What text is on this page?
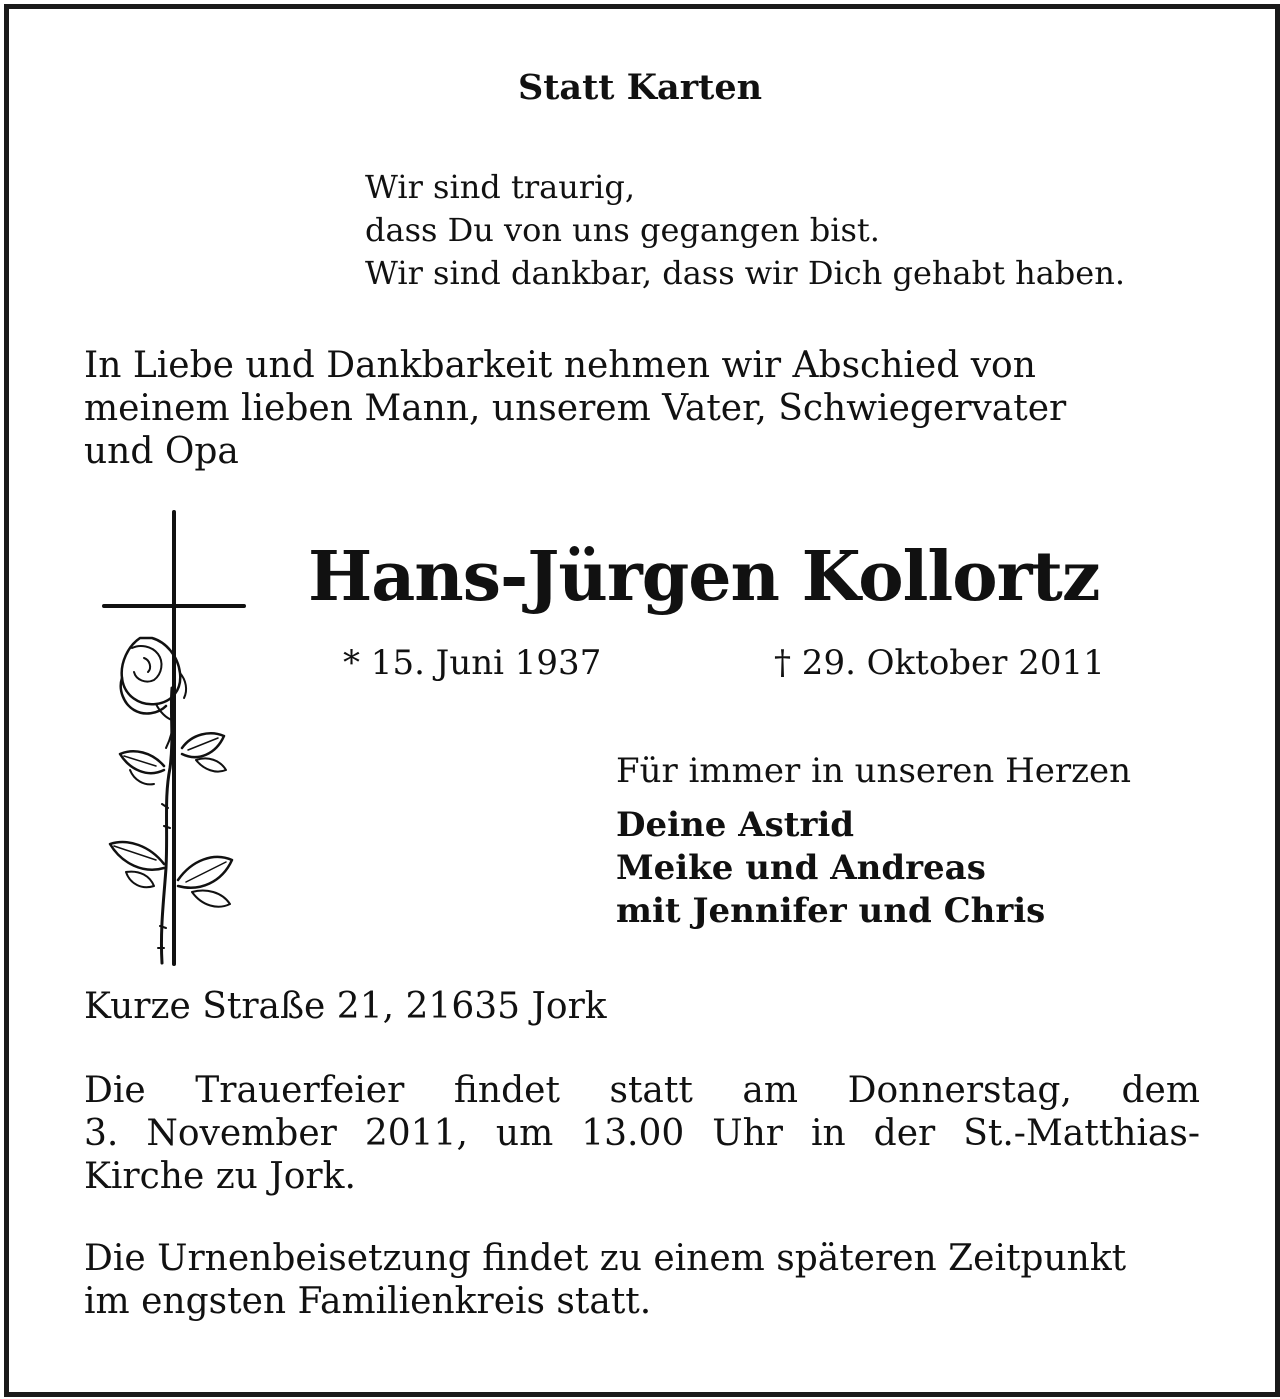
Statt Karten
Wir sind traurig,
dass Du von uns gegangen bist.
Wir sind dankbar, dass wir Dich gehabt haben.
In Liebe und Dankbarkeit nehmen wir Abschied von
meinem lieben Mann, unserem Vater, Schwiegervater
und Opa
Hans-Jürgen Kollortz
* 15. Juni 1937	† 29. Oktober 2011
Für immer in unseren Herzen
Deine Astrid
Meike und Andreas
mit Jennifer und Chris
Kurze Straße 21, 21635 Jork
Die Trauerfeier findet statt am Donnerstag, dem
3. November 2011, um 13.00 Uhr in der St.-Matthias-
Kirche zu Jork.
Die Urnenbeisetzung findet zu einem späteren Zeitpunkt
im engsten Familienkreis statt.
